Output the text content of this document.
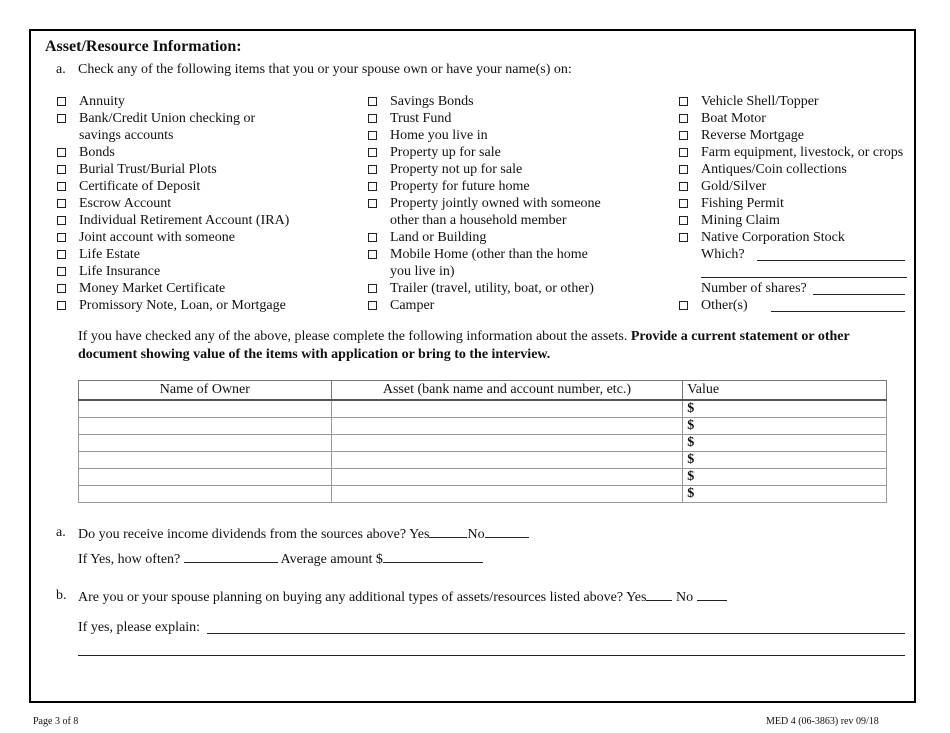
Asset/Resource Information:
a. Check any of the following items that you or your spouse own or have your name(s) on:
Annuity
Bank/Credit Union checking or
savings accounts
Bonds
Burial Trust/Burial Plots
Certificate of Deposit
Escrow Account
Individual Retirement Account (IRA)
Joint account with someone
Life Estate
Life Insurance
Money Market Certificate
Promissory Note, Loan, or Mortgage
Savings Bonds
Trust Fund
Home you live in
Property up for sale
Property not up for sale
Property for future home
Property jointly owned with someone
other than a household member
Land or Building
Mobile Home (other than the home
you live in)
Trailer (travel, utility, boat, or other)
Camper
Vehicle Shell/Topper
Boat Motor
Reverse Mortgage
Farm equipment, livestock, or crops
Antiques/Coin collections
Gold/Silver
Fishing Permit
Mining Claim
Native Corporation Stock
Which?
Number of shares?
Other(s)
If you have checked any of the above, please complete the following information about the assets. Provide a current statement or other document showing value of the items with application or bring to the interview.
Name of Owner	Asset (bank name and account number, etc.)	Value
		$
		$
		$
		$
		$
		$
a. Do you receive income dividends from the sources above? Yes	No
If Yes, how often?	Average amount $
b. Are you or your spouse planning on buying any additional types of assets/resources listed above? Yes No
If yes, please explain:
Page 3 of 8	MED 4 (06-3863) rev 09/18
